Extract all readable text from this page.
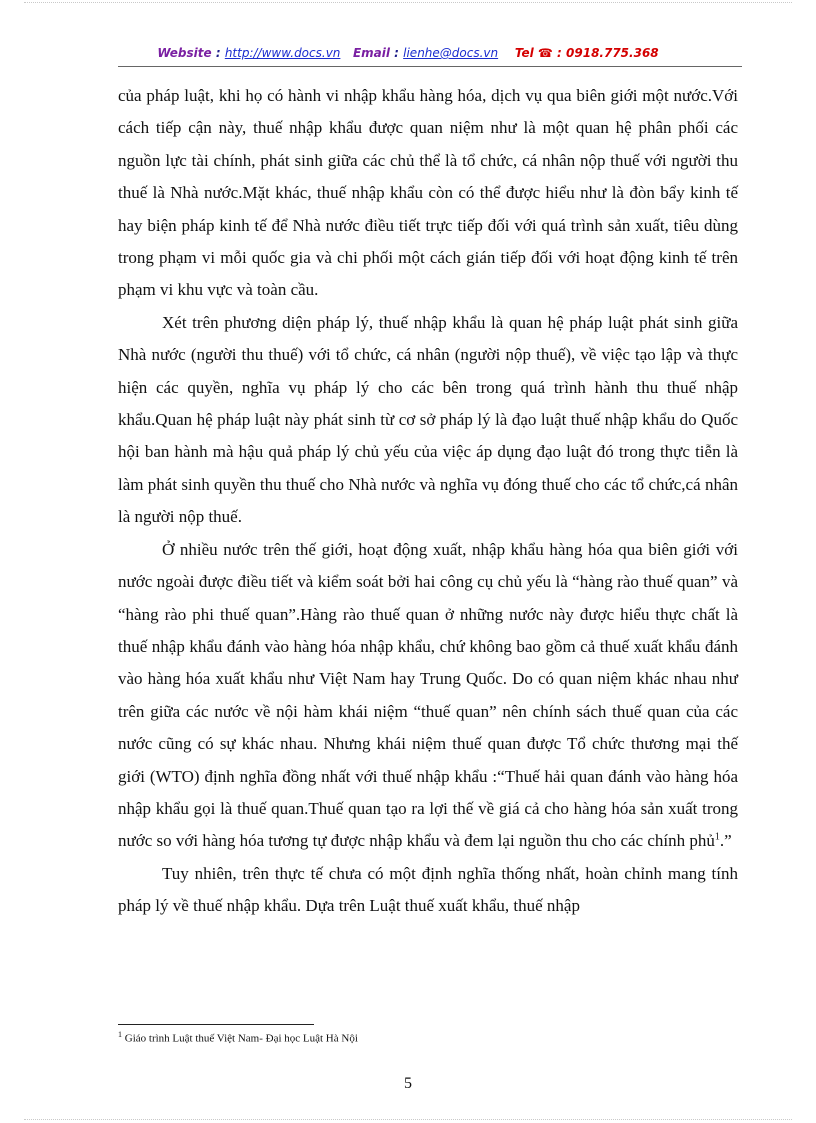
Website : http://www.docs.vn Email : lienhe@docs.vn Tel ☎ : 0918.775.368

của pháp luật, khi họ có hành vi nhập khẩu hàng hóa, dịch vụ qua biên giới một nước.Với cách tiếp cận này, thuế nhập khẩu được quan niệm như là một quan hệ phân phối các nguồn lực tài chính, phát sinh giữa các chủ thể là tổ chức, cá nhân nộp thuế với người thu thuế là Nhà nước.Mặt khác, thuế nhập khẩu còn có thể được hiểu như là đòn bẩy kinh tế hay biện pháp kinh tế để Nhà nước điều tiết trực tiếp đối với quá trình sản xuất, tiêu dùng trong phạm vi mỗi quốc gia và chi phối một cách gián tiếp đối với hoạt động kinh tế trên phạm vi khu vực và toàn cầu.

Xét trên phương diện pháp lý, thuế nhập khẩu là quan hệ pháp luật phát sinh giữa Nhà nước (người thu thuế) với tổ chức, cá nhân (người nộp thuế), về việc tạo lập và thực hiện các quyền, nghĩa vụ pháp lý cho các bên trong quá trình hành thu thuế nhập khẩu.Quan hệ pháp luật này phát sinh từ cơ sở pháp lý là đạo luật thuế nhập khẩu do Quốc hội ban hành mà hậu quả pháp lý chủ yếu của việc áp dụng đạo luật đó trong thực tiễn là làm phát sinh quyền thu thuế cho Nhà nước và nghĩa vụ đóng thuế cho các tổ chức,cá nhân là người nộp thuế.

Ở nhiều nước trên thế giới, hoạt động xuất, nhập khẩu hàng hóa qua biên giới với nước ngoài được điều tiết và kiểm soát bởi hai công cụ chủ yếu là “hàng rào thuế quan” và “hàng rào phi thuế quan”.Hàng rào thuế quan ở những nước này được hiểu thực chất là thuế nhập khẩu đánh vào hàng hóa nhập khẩu, chứ không bao gồm cả thuế xuất khẩu đánh vào hàng hóa xuất khẩu như Việt Nam hay Trung Quốc. Do có quan niệm khác nhau như trên giữa các nước về nội hàm khái niệm “thuế quan” nên chính sách thuế quan của các nước cũng có sự khác nhau. Nhưng khái niệm thuế quan được Tổ chức thương mại thế giới (WTO) định nghĩa đồng nhất với thuế nhập khẩu :“Thuế hải quan đánh vào hàng hóa nhập khẩu gọi là thuế quan.Thuế quan tạo ra lợi thế về giá cả cho hàng hóa sản xuất trong nước so với hàng hóa tương tự được nhập khẩu và đem lại nguồn thu cho các chính phủ$^1$.”

Tuy nhiên, trên thực tế chưa có một định nghĩa thống nhất, hoàn chỉnh mang tính pháp lý về thuế nhập khẩu. Dựa trên Luật thuế xuất khẩu, thuế nhập

$^1$ Giáo trình Luật thuế Việt Nam- Đại học Luật Hà Nội
5
